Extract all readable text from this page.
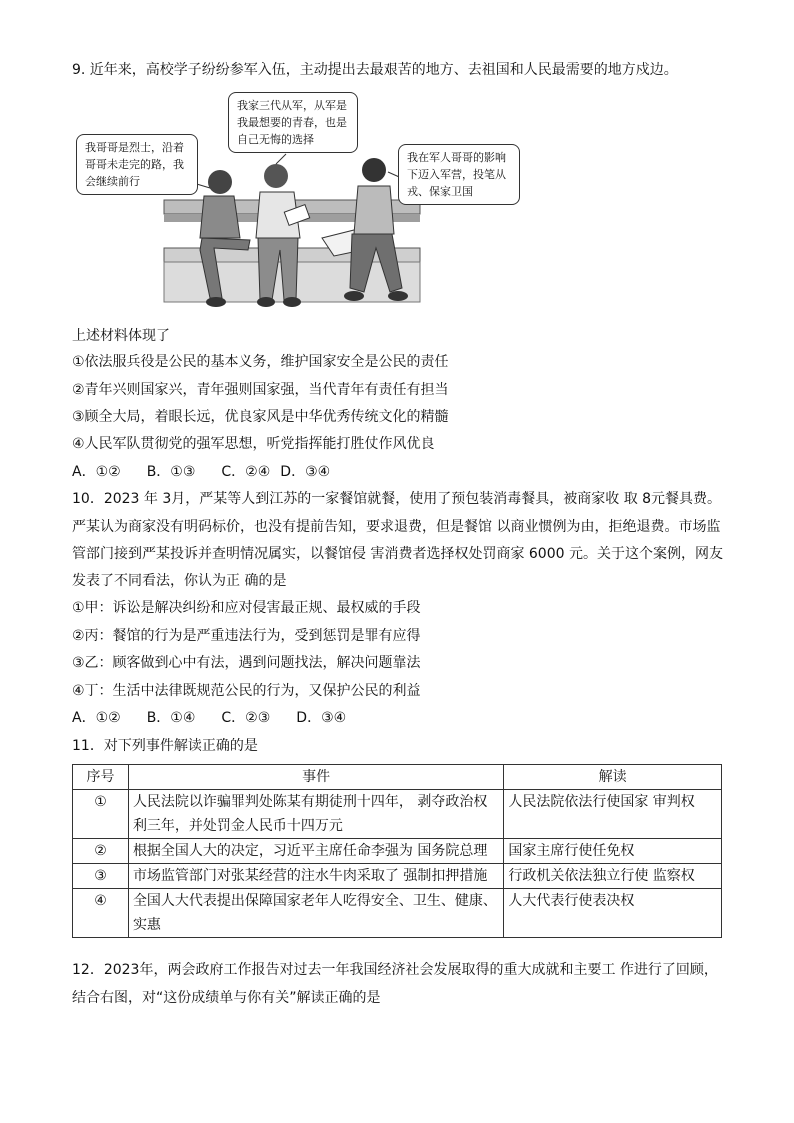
9. 近年来，高校学子纷纷参军入伍，主动提出去最艰苦的地方、去祖国和人民最需要的地方戍边。
我哥哥是烈士，沿着哥哥未走完的路，我会继续前行
我家三代从军，从军是我最想要的青春，也是自己无悔的选择
我在军人哥哥的影响下迈入军营，投笔从戎、保家卫国
上述材料体现了
①依法服兵役是公民的基本义务，维护国家安全是公民的责任
②青年兴则国家兴，青年强则国家强，当代青年有责任有担当
③顾全大局，着眼长远，优良家风是中华优秀传统文化的精髓
④人民军队贯彻党的强军思想，听党指挥能打胜仗作风优良
A．①② B．①③ C．②④ D．③④
10．2023 年 3月，严某等人到江苏的一家餐馆就餐，使用了预包装消毒餐具，被商家收 取 8元餐具费。
严某认为商家没有明码标价，也没有提前告知，要求退费，但是餐馆 以商业惯例为由，拒绝退费。市场监
管部门接到严某投诉并查明情况属实，以餐馆侵 害消费者选择权处罚商家 6000 元。关于这个案例，网友
发表了不同看法，你认为正 确的是
①甲：诉讼是解决纠纷和应对侵害最正规、最权威的手段
②丙：餐馆的行为是严重违法行为，受到惩罚是罪有应得
③乙：顾客做到心中有法，遇到问题找法，解决问题靠法
④丁：生活中法律既规范公民的行为，又保护公民的利益
A．①② B．①④ C．②③ D．③④
11．对下列事件解读正确的是
序号	事件	解读
①	人民法院以诈骗罪判处陈某有期徒刑十四年， 剥夺政治权利三年，并处罚金人民币十四万元	人民法院依法行使国家 审判权
②	根据全国人大的决定，习近平主席任命李强为 国务院总理	国家主席行使任免权
③	市场监管部门对张某经营的注水牛肉采取了 强制扣押措施	行政机关依法独立行使 监察权
④	全国人大代表提出保障国家老年人吃得安全、卫生、健康、实惠	人大代表行使表决权
12．2023年，两会政府工作报告对过去一年我国经济社会发展取得的重大成就和主要工 作进行了回顾，
结合右图，对“这份成绩单与你有关”解读正确的是
